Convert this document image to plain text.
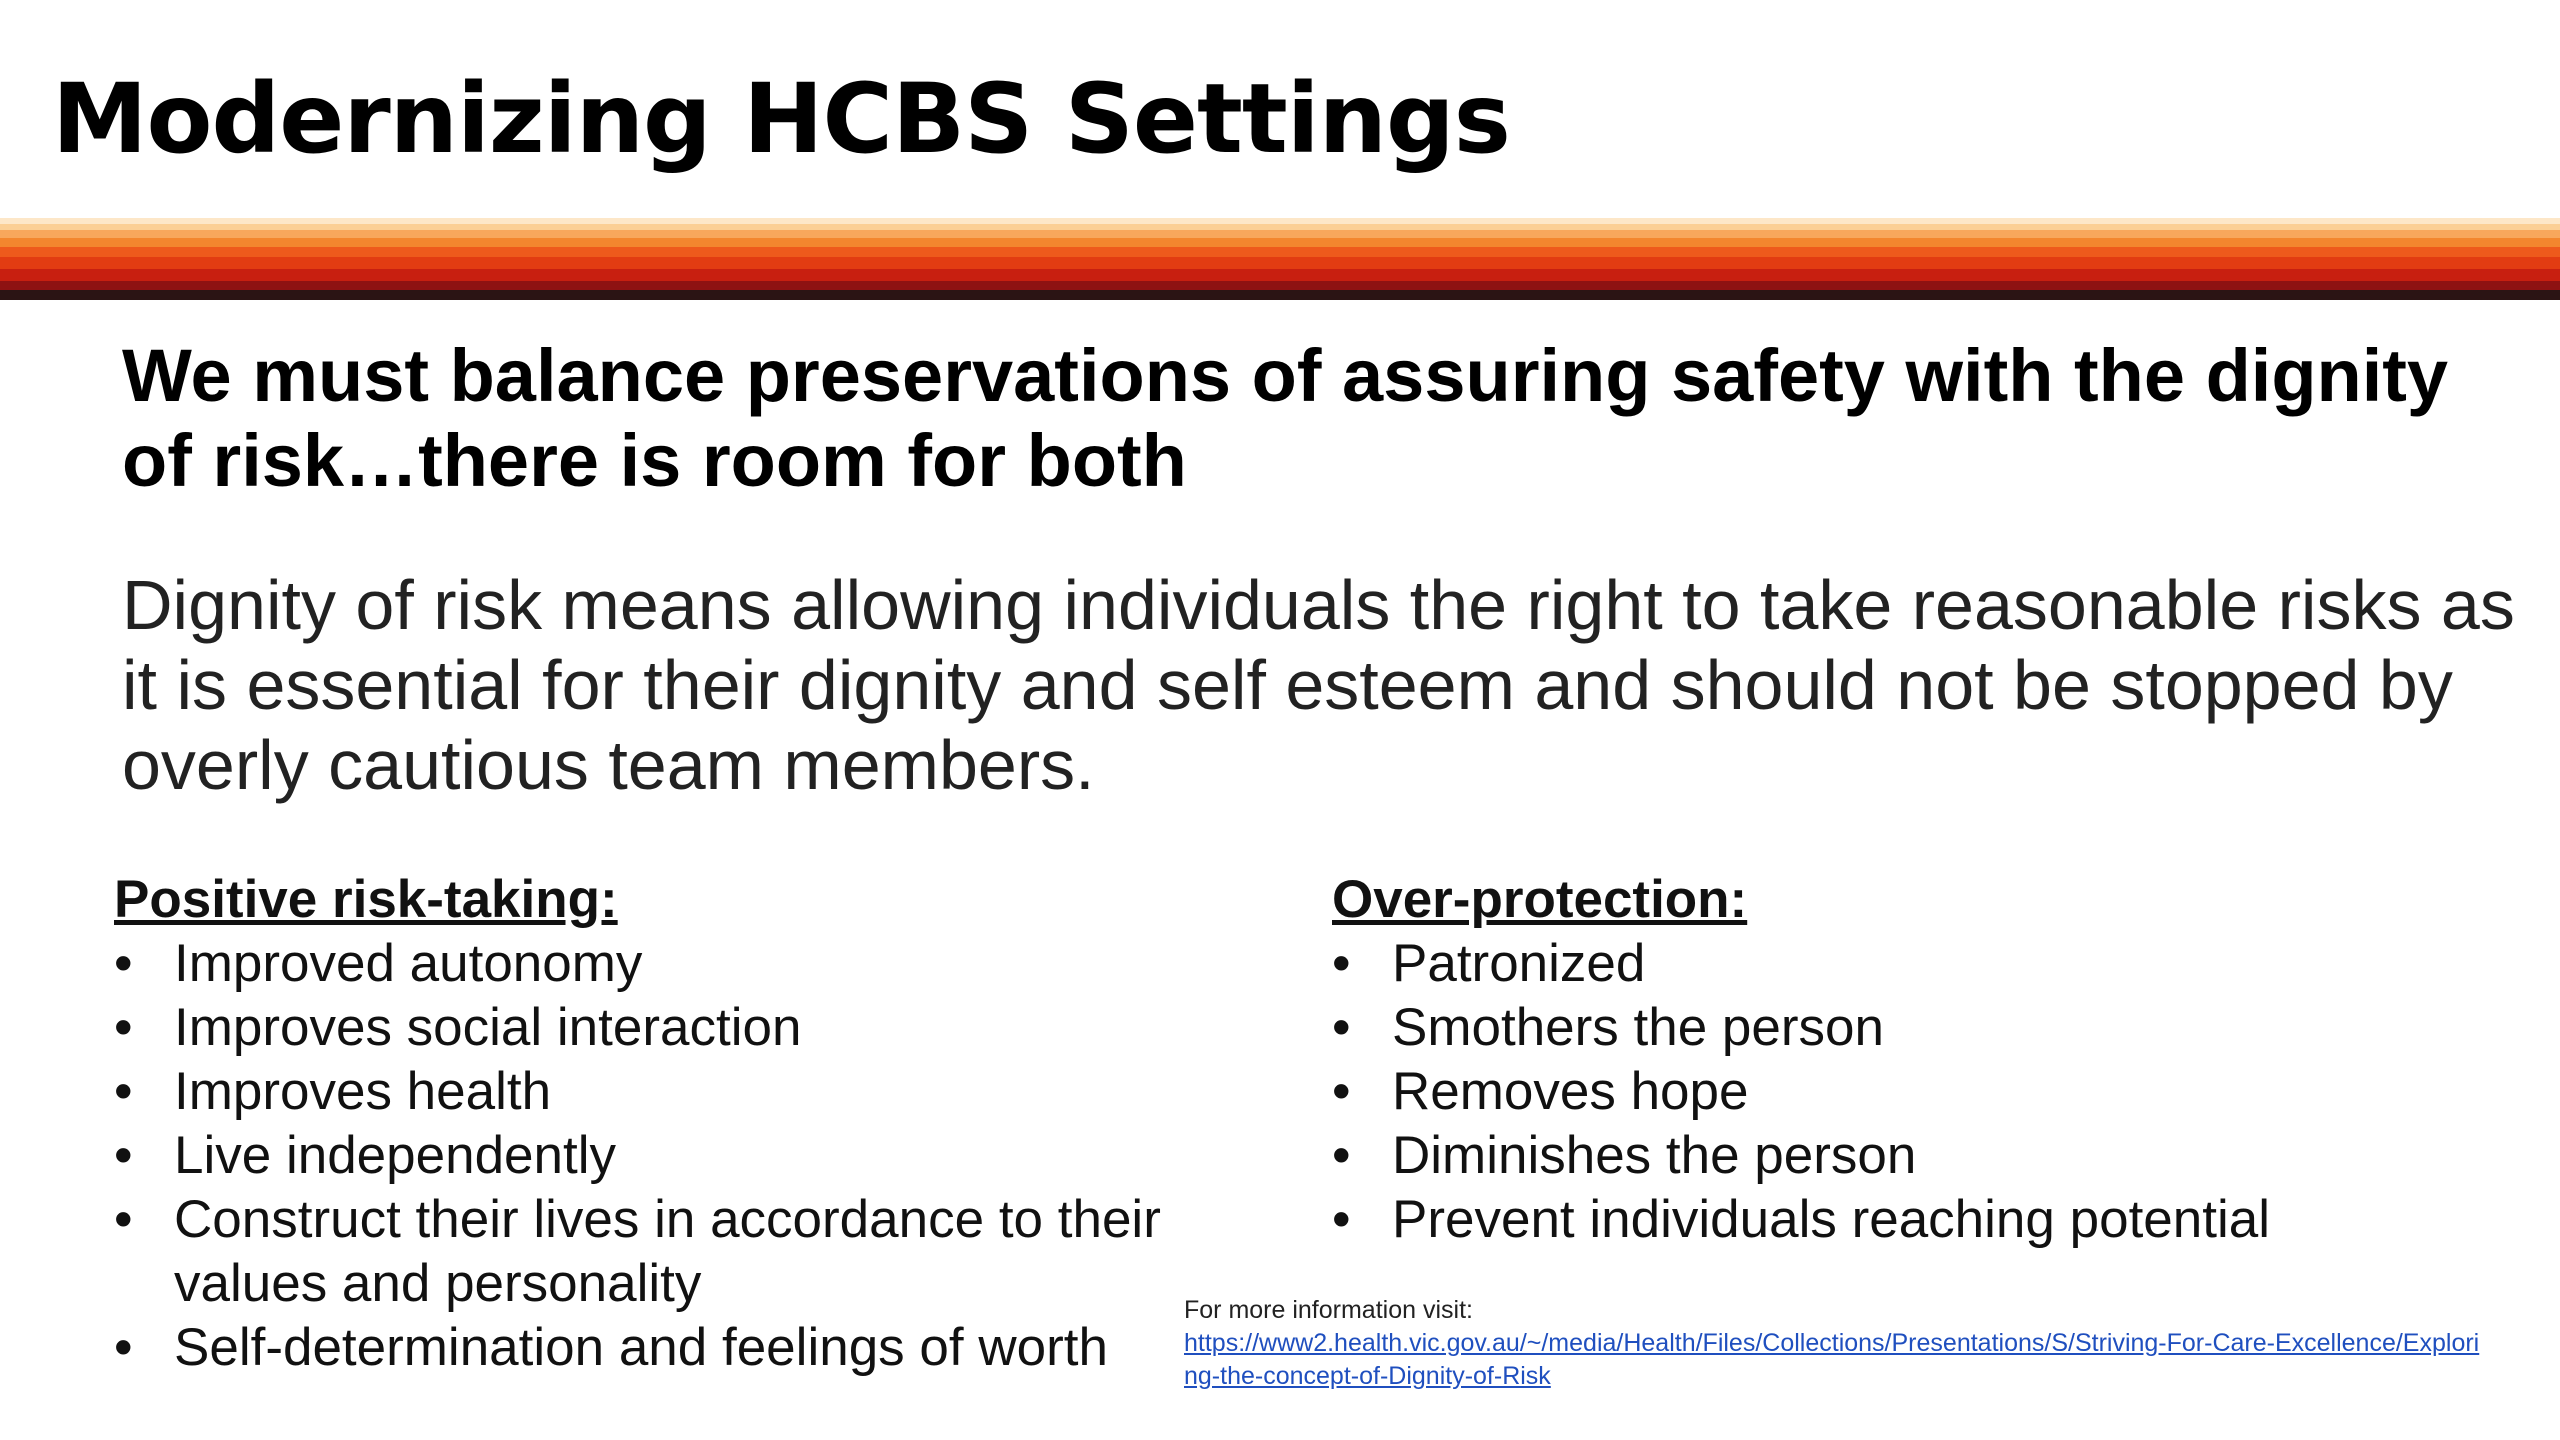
Modernizing HCBS Settings

We must balance preservations of assuring safety with the dignity of risk…there is room for both

Dignity of risk means allowing individuals the right to take reasonable risks as it is essential for their dignity and self esteem and should not be stopped by overly cautious team members.

Positive risk-taking:
• Improved autonomy
• Improves social interaction
• Improves health
• Live independently
• Construct their lives in accordance to their values and personality
• Self-determination and feelings of worth
Over-protection:
• Patronized
• Smothers the person
• Removes hope
• Diminishes the person
• Prevent individuals reaching potential
For more information visit:
https://www2.health.vic.gov.au/~/media/Health/Files/Collections/Presentations/S/Striving-For-Care-Excellence/Exploring-the-concept-of-Dignity-of-Risk
